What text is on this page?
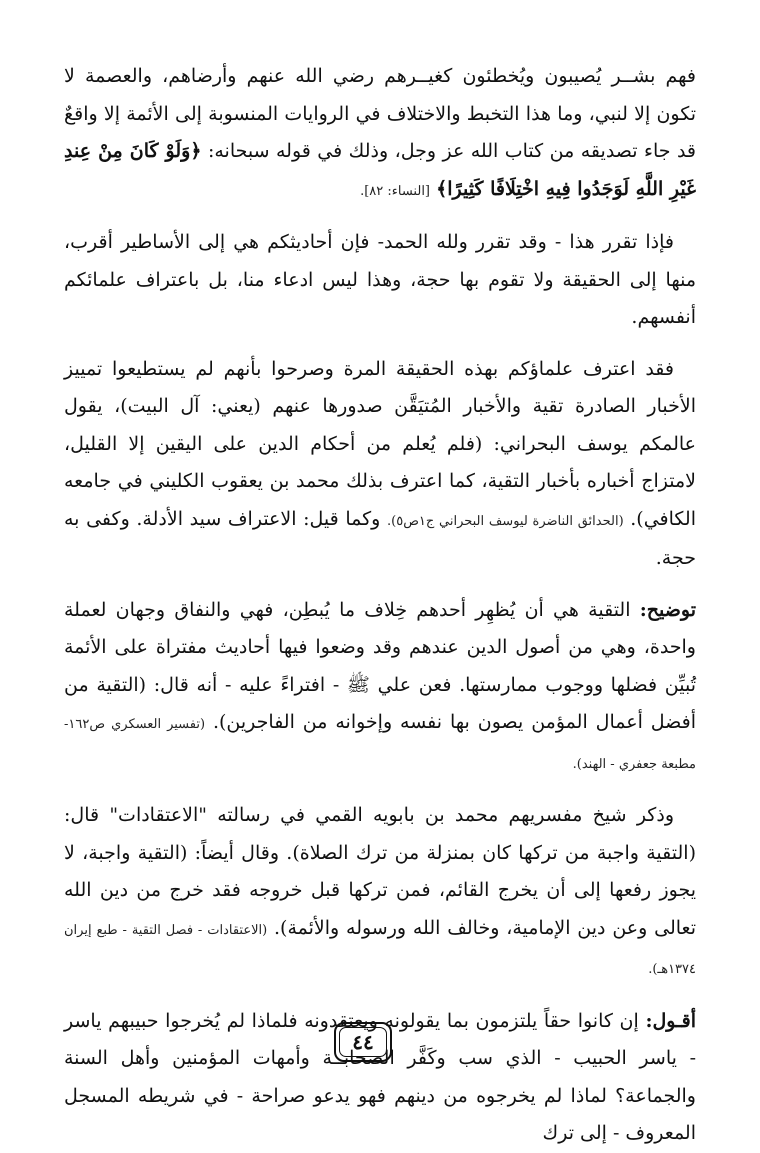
فهم بشــر يُصيبون ويُخطئون كغيــرهم رضي الله عنهم وأرضاهم، والعصمة لا تكون إلا لنبي، وما هذا التخبط والاختلاف في الروايات المنسوبة إلى الأئمة إلا واقعٌ قد جاء تصديقه من كتاب الله عز وجل، وذلك في قوله سبحانه: ﴿وَلَوْ كَانَ مِنْ عِندِ غَيْرِ اللَّهِ لَوَجَدُوا فِيهِ اخْتِلَافًا كَثِيرًا﴾ [النساء: ٨٢].

فإذا تقرر هذا - وقد تقرر ولله الحمد- فإن أحاديثكم هي إلى الأساطير أقرب، منها إلى الحقيقة ولا تقوم بها حجة، وهذا ليس ادعاء منا، بل باعتراف علمائكم أنفسهم.

فقد اعترف علماؤكم بهذه الحقيقة المرة وصرحوا بأنهم لم يستطيعوا تمييز الأخبار الصادرة تقية والأخبار المُتيَقَّن صدورها عنهم (يعني: آل البيت)، يقول عالمكم يوسف البحراني: (فلم يُعلم من أحكام الدين على اليقين إلا القليل، لامتزاج أخباره بأخبار التقية، كما اعترف بذلك محمد بن يعقوب الكليني في جامعه الكافي). (الحدائق الناضرة ليوسف البحراني ج١ص٥). وكما قيل: الاعتراف سيد الأدلة. وكفى به حجة.

توضيح: التقية هي أن يُظهِر أحدهم خِلاف ما يُبطِن، فهي والنفاق وجهان لعملة واحدة، وهي من أصول الدين عندهم وقد وضعوا فيها أحاديث مفتراة على الأئمة تُبيِّن فضلها ووجوب ممارستها. فعن علي ﷺ - افتراءً عليه - أنه قال: (التقية من أفضل أعمال المؤمن يصون بها نفسه وإخوانه من الفاجرين). (تفسير العسكري ص١٦٢- مطبعة جعفري - الهند).

وذكر شيخ مفسريهم محمد بن بابويه القمي في رسالته "الاعتقادات" قال: (التقية واجبة من تركها كان بمنزلة من ترك الصلاة). وقال أيضاً: (التقية واجبة، لا يجوز رفعها إلى أن يخرج القائم، فمن تركها قبل خروجه فقد خرج من دين الله تعالى وعن دين الإمامية، وخالف الله ورسوله والأئمة). (الاعتقادات - فصل التقية - طبع إيران ١٣٧٤هـ).

أقـول: إن كانوا حقاً يلتزمون بما يقولونه ويعتقدونه فلماذا لم يُخرجوا حبيبهم ياسر - ياسر الحبيب - الذي سب وكَفَّر الصحابــة وأمهات المؤمنين وأهل السنة والجماعة؟ لماذا لم يخرجوه من دينهم فهو يدعو صراحة - في شريطه المسجل المعروف - إلى ترك

٤٤
